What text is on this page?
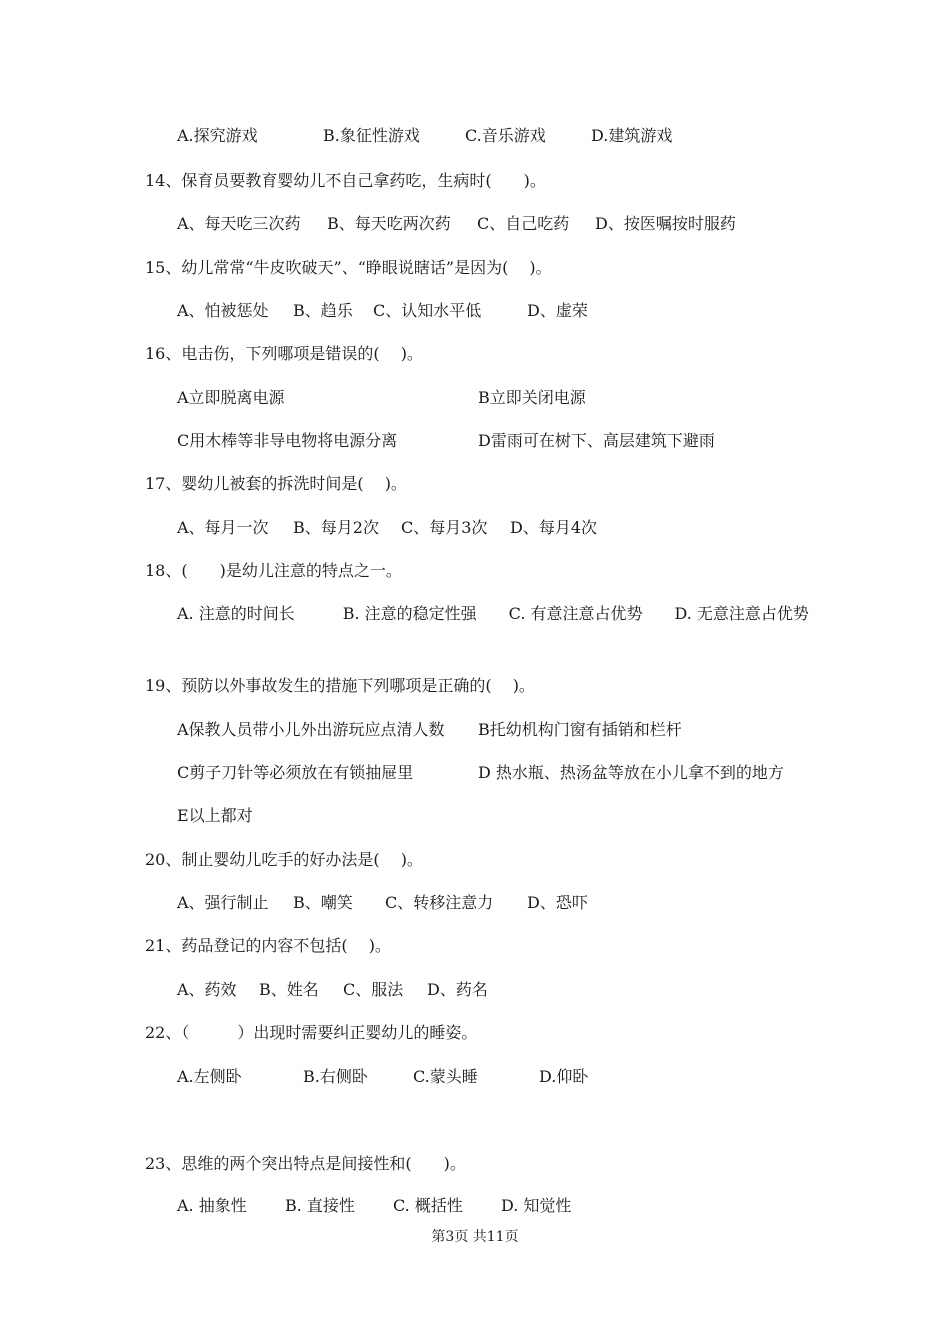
A.探究游戏	B.象征性游戏	C.音乐游戏	D.建筑游戏
14、保育员要教育婴幼儿不自己拿药吃，生病时(　　)。
A、每天吃三次药 B、每天吃两次药 C、自己吃药 D、按医嘱按时服药
15、幼儿常常“牛皮吹破天”、“睁眼说瞎话”是因为(　 )。
A、怕被惩处 B、趋乐 C、认知水平低	D、虚荣
16、电击伤，下列哪项是错误的(　 )。
A立即脱离电源	B立即关闭电源
C用木棒等非导电物将电源分离	D雷雨可在树下、高层建筑下避雨
17、婴幼儿被套的拆洗时间是(　 )。
A、每月一次 B、每月2次 C、每月3次 D、每月4次
18、(　　)是幼儿注意的特点之一。
19、预防以外事故发生的措施下列哪项是正确的(　 )。
A保教人员带小儿外出游玩应点清人数 B托幼机构门窗有插销和栏杆
C剪子刀针等必须放在有锁抽屉里	D 热水瓶、热汤盆等放在小儿拿不到的地方
E以上都对
20、制止婴幼儿吃手的好办法是(　 )。
A、强行制止 B、嘲笑 C、转移注意力 D、恐吓
21、药品登记的内容不包括(　 )。
A、药效 B、姓名 C、服法 D、药名
22、（　　　）出现时需要纠正婴幼儿的睡姿。
A.左侧卧	B.右侧卧	C.蒙头睡	D.仰卧
23、思维的两个突出特点是间接性和(　　)。
A. 抽象性 B. 直接性 C. 概括性 D. 知觉性
A. 注意的时间长　　　B. 注意的稳定性强　　C. 有意注意占优势　　D. 无意注意占优势
第3页 共11页
